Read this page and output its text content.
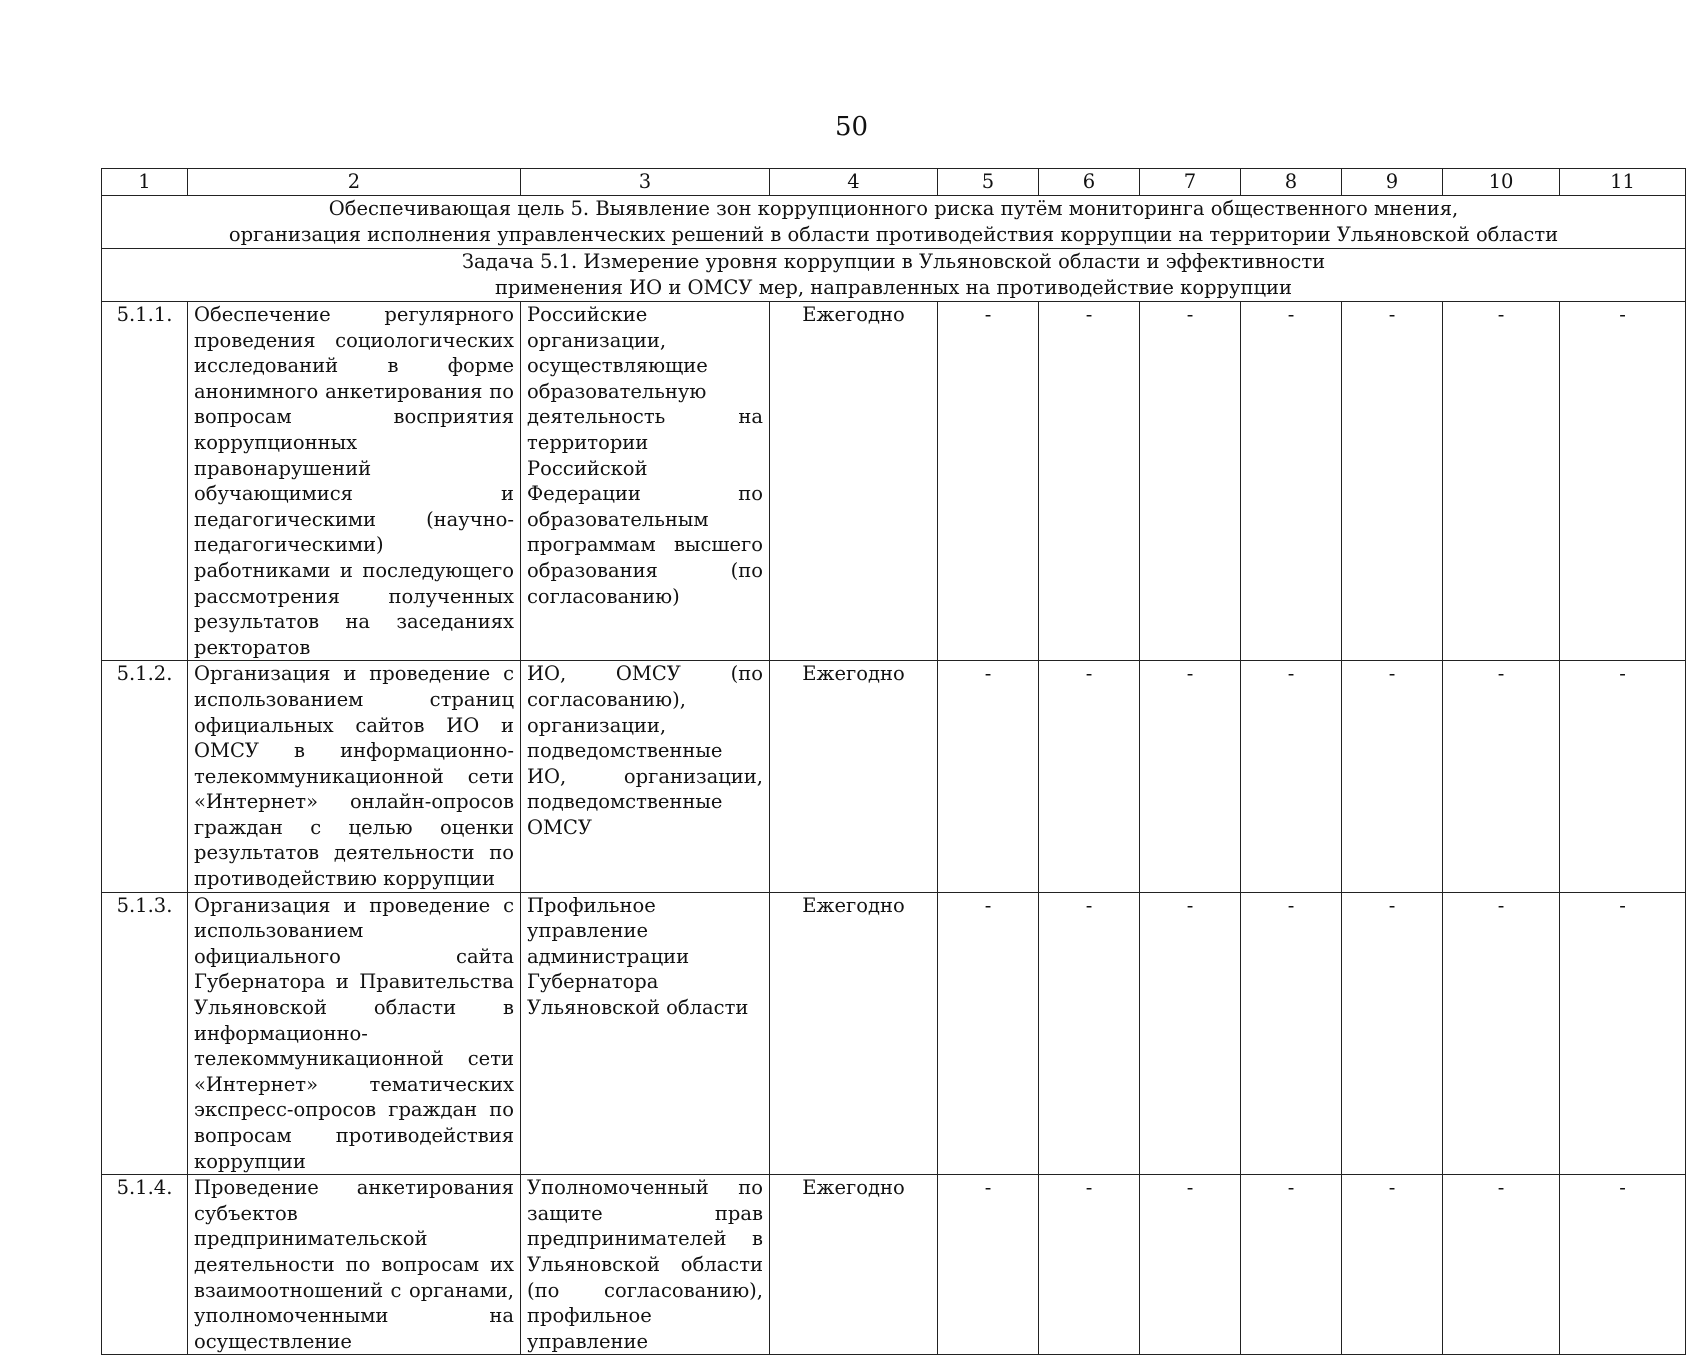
50
1	2	3	4	5	6	7	8	9	10	11

Обеспечивающая цель 5. Выявление зон коррупционного риска путём мониторинга общественного мнения,
организация исполнения управленческих решений в области противодействия коррупции на территории Ульяновской области										

Задача 5.1. Измерение уровня коррупции в Ульяновской области и эффективности
применения ИО и ОМСУ мер, направленных на противодействие коррупции										

5.1.1.	Обеспечение регулярного проведения социологических исследований в форме анонимного анкетирования по вопросам восприятия коррупционных правонарушений обучающимися и педагогическими (научно-педагогическими) работниками и последующего рассмотрения полученных результатов на заседаниях ректоратов	Российские организации, осуществляющие образовательную деятельность на территории Российской Федерации по образовательным программам высшего образования (по согласованию)	Ежегодно	-	-	-	-	-	-	-
5.1.2.	Организация и проведение с использованием страниц официальных сайтов ИО и ОМСУ в информационно-телекоммуникационной сети «Интернет» онлайн-опросов граждан с целью оценки результатов деятельности по противодействию коррупции	ИО, ОМСУ (по согласованию), организации, подведомственные ИО, организации, подведомственные ОМСУ	Ежегодно	-	-	-	-	-	-	-
5.1.3.	Организация и проведение с использованием официального сайта Губернатора и Правительства Ульяновской области в информационно-телекоммуникационной сети «Интернет» тематических экспресс-опросов граждан по вопросам противодействия коррупции	Профильное управление администрации Губернатора Ульяновской области	Ежегодно	-	-	-	-	-	-	-
5.1.4.	Проведение анкетирования субъектов предпринимательской деятельности по вопросам их взаимоотношений с органами, уполномоченными на осуществление	Уполномоченный по защите прав предпринимателей в Ульяновской области (по согласованию), профильное управление	Ежегодно	-	-	-	-	-	-	-
